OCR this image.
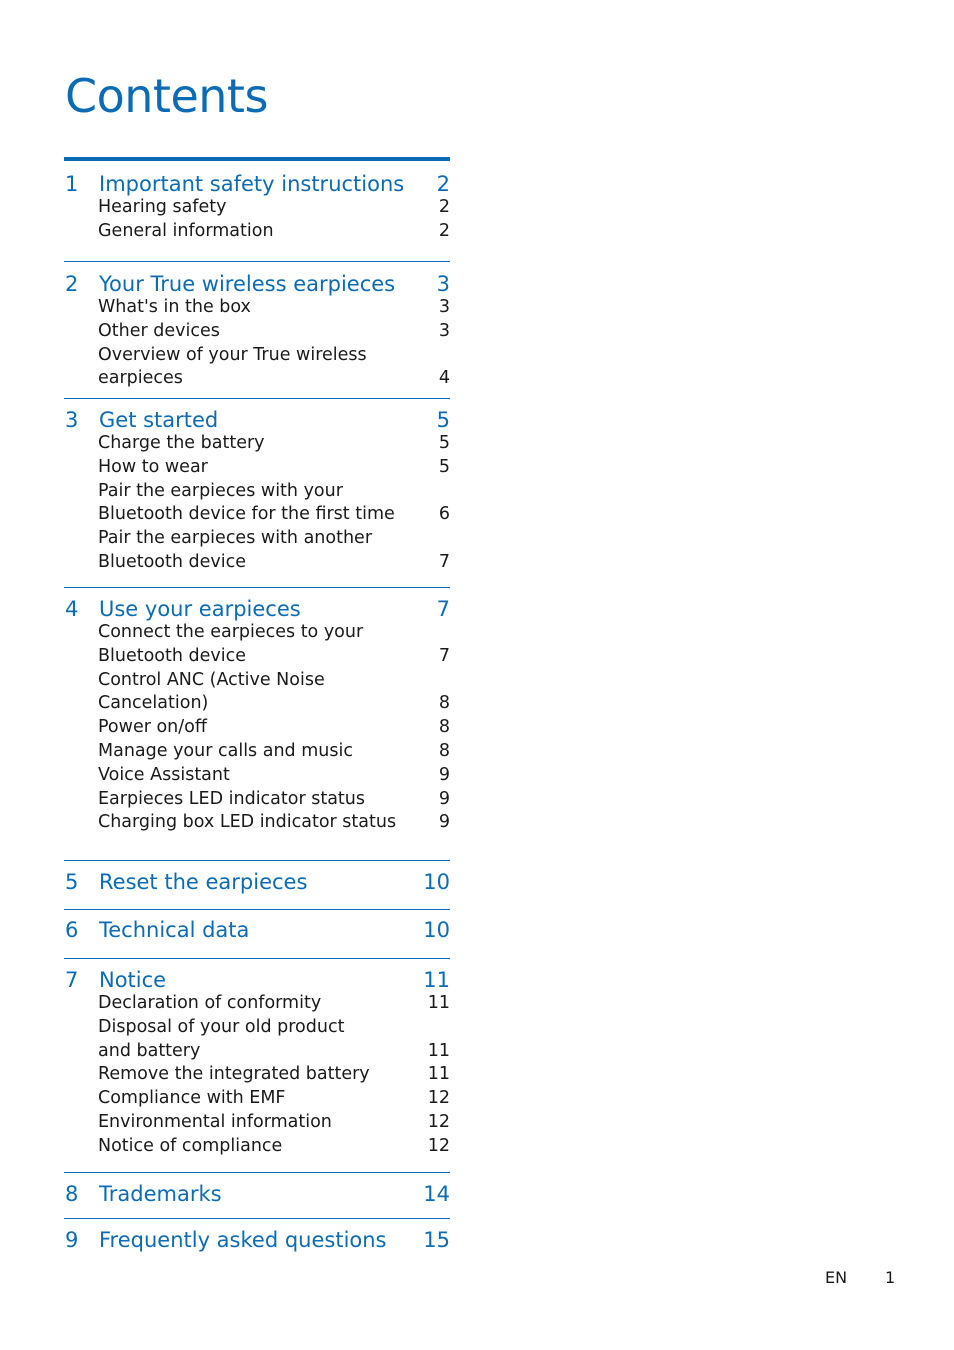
Contents
1 Important safety instructions	2
Hearing safety	2
General information	2
2 Your True wireless earpieces	3
What's in the box	3
Other devices	3
Overview of your True wireless
earpieces	4
3 Get started	5
Charge the battery	5
How to wear	5
Pair the earpieces with your
Bluetooth device for the first time	6
Pair the earpieces with another
Bluetooth device	7
4 Use your earpieces	7
Connect the earpieces to your
Bluetooth device	7
Control ANC (Active Noise
Cancelation)	8
Power on/off	8
Manage your calls and music	8
Voice Assistant	9
Earpieces LED indicator status	9
Charging box LED indicator status	9
5 Reset the earpieces	10
6 Technical data	10
7 Notice	11
Declaration of conformity	11
Disposal of your old product
and battery	11
Remove the integrated battery	11
Compliance with EMF	12
Environmental information	12
Notice of compliance	12
8 Trademarks	14
9 Frequently asked questions	15
EN 1
